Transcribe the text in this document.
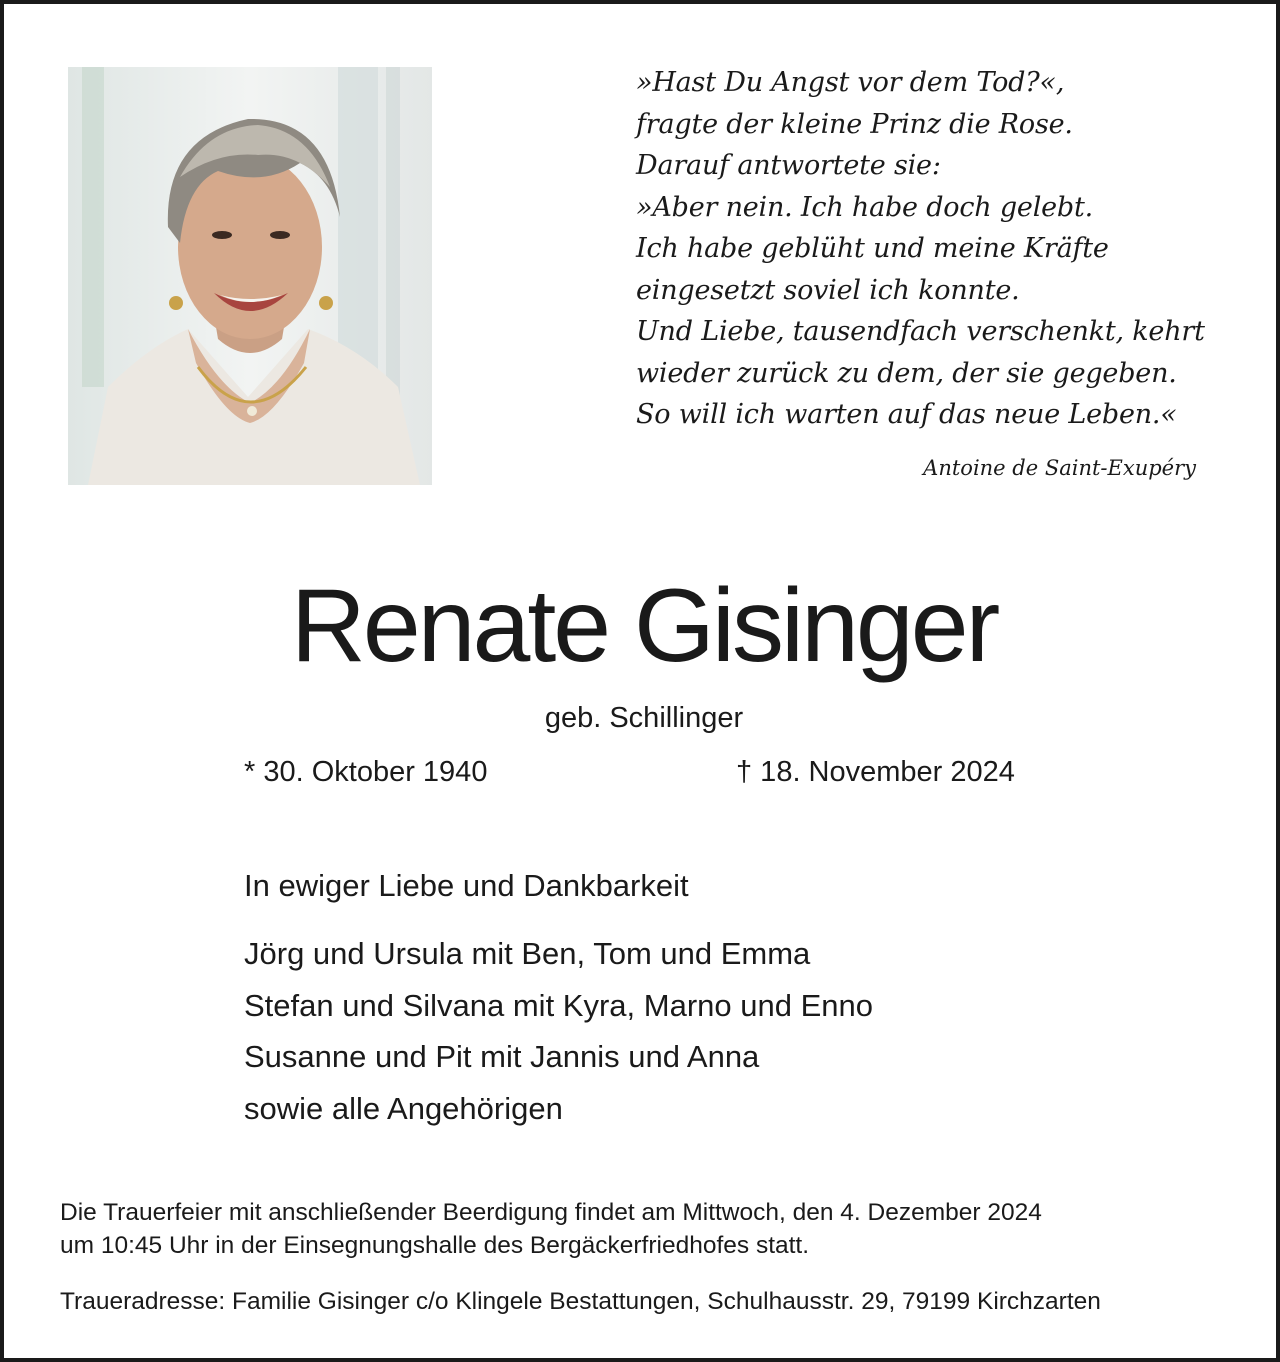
»Hast Du Angst vor dem Tod?«,
fragte der kleine Prinz die Rose.
Darauf antwortete sie:
»Aber nein. Ich habe doch gelebt.
Ich habe geblüht und meine Kräfte
eingesetzt soviel ich konnte.
Und Liebe, tausendfach verschenkt, kehrt
wieder zurück zu dem, der sie gegeben.
So will ich warten auf das neue Leben.«
Antoine de Saint-Exupéry
Renate Gisinger
geb. Schillinger
* 30. Oktober 1940	† 18. November 2024
In ewiger Liebe und Dankbarkeit
Jörg und Ursula mit Ben, Tom und Emma
Stefan und Silvana mit Kyra, Marno und Enno
Susanne und Pit mit Jannis und Anna
sowie alle Angehörigen
Die Trauerfeier mit anschließender Beerdigung findet am Mittwoch, den 4. Dezember 2024
um 10:45 Uhr in der Einsegnungshalle des Bergäckerfriedhofes statt.
Traueradresse: Familie Gisinger c/o Klingele Bestattungen, Schulhausstr. 29, 79199 Kirchzarten
